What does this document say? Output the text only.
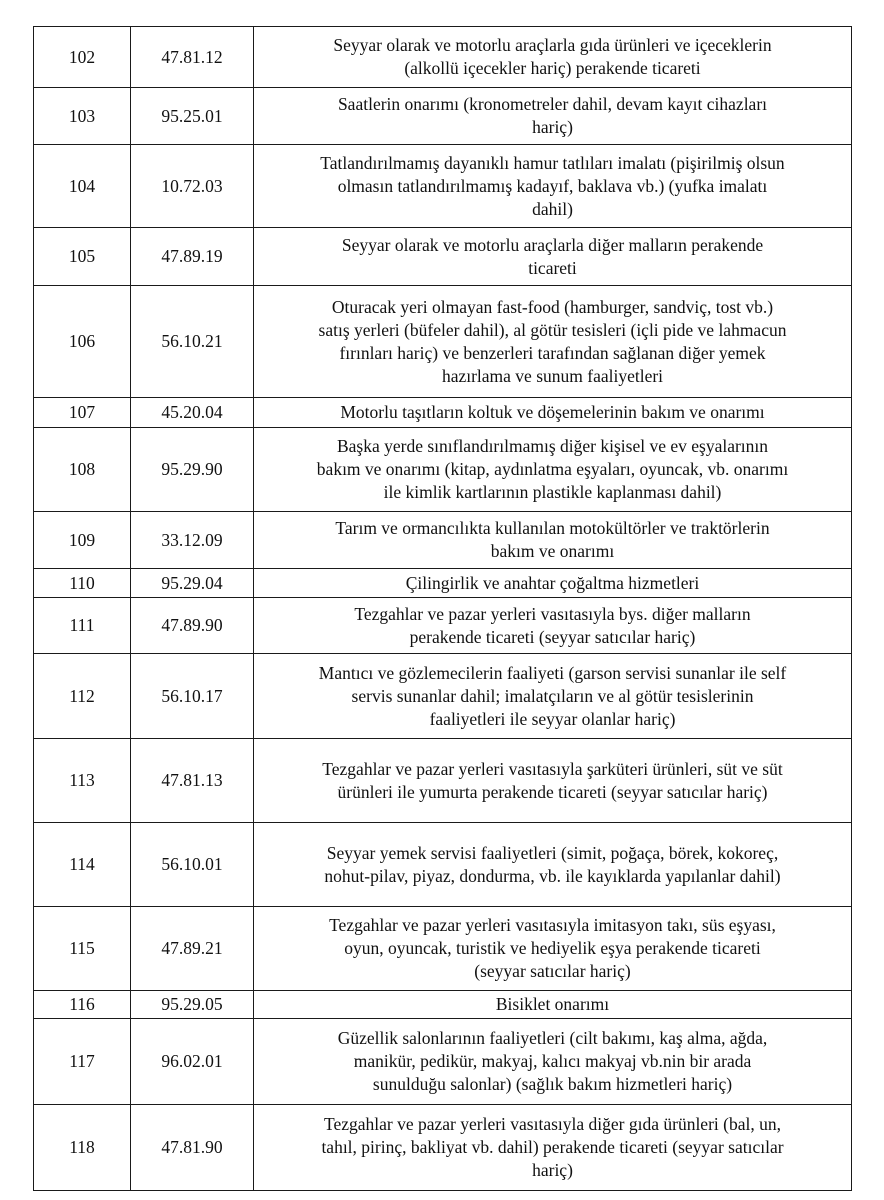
102	47.81.12	Seyyar olarak ve motorlu araçlarla gıda ürünleri ve içeceklerin
(alkollü içecekler hariç) perakende ticareti

103	95.25.01	Saatlerin onarımı (kronometreler dahil, devam kayıt cihazları
hariç)

104	10.72.03	Tatlandırılmamış dayanıklı hamur tatlıları imalatı (pişirilmiş olsun
olmasın tatlandırılmamış kadayıf, baklava vb.) (yufka imalatı
dahil)

105	47.89.19	Seyyar olarak ve motorlu araçlarla diğer malların perakende
ticareti

106	56.10.21	Oturacak yeri olmayan fast-food (hamburger, sandviç, tost vb.)
satış yerleri (büfeler dahil), al götür tesisleri (içli pide ve lahmacun
fırınları hariç) ve benzerleri tarafından sağlanan diğer yemek
hazırlama ve sunum faaliyetleri

107	45.20.04	Motorlu taşıtların koltuk ve döşemelerinin bakım ve onarımı

108	95.29.90	Başka yerde sınıflandırılmamış diğer kişisel ve ev eşyalarının
bakım ve onarımı (kitap, aydınlatma eşyaları, oyuncak, vb. onarımı
ile kimlik kartlarının plastikle kaplanması dahil)

109	33.12.09	Tarım ve ormancılıkta kullanılan motokültörler ve traktörlerin
bakım ve onarımı

110	95.29.04	Çilingirlik ve anahtar çoğaltma hizmetleri

111	47.89.90	Tezgahlar ve pazar yerleri vasıtasıyla bys. diğer malların
perakende ticareti (seyyar satıcılar hariç)

112	56.10.17	Mantıcı ve gözlemecilerin faaliyeti (garson servisi sunanlar ile self
servis sunanlar dahil; imalatçıların ve al götür tesislerinin
faaliyetleri ile seyyar olanlar hariç)

113	47.81.13	Tezgahlar ve pazar yerleri vasıtasıyla şarküteri ürünleri, süt ve süt
ürünleri ile yumurta perakende ticareti (seyyar satıcılar hariç)

114	56.10.01	Seyyar yemek servisi faaliyetleri (simit, poğaça, börek, kokoreç,
nohut-pilav, piyaz, dondurma, vb. ile kayıklarda yapılanlar dahil)

115	47.89.21	Tezgahlar ve pazar yerleri vasıtasıyla imitasyon takı, süs eşyası,
oyun, oyuncak, turistik ve hediyelik eşya perakende ticareti
(seyyar satıcılar hariç)

116	95.29.05	Bisiklet onarımı

117	96.02.01	Güzellik salonlarının faaliyetleri (cilt bakımı, kaş alma, ağda,
manikür, pedikür, makyaj, kalıcı makyaj vb.nin bir arada
sunulduğu salonlar) (sağlık bakım hizmetleri hariç)

118	47.81.90	Tezgahlar ve pazar yerleri vasıtasıyla diğer gıda ürünleri (bal, un,
tahıl, pirinç, bakliyat vb. dahil) perakende ticareti (seyyar satıcılar
hariç)
